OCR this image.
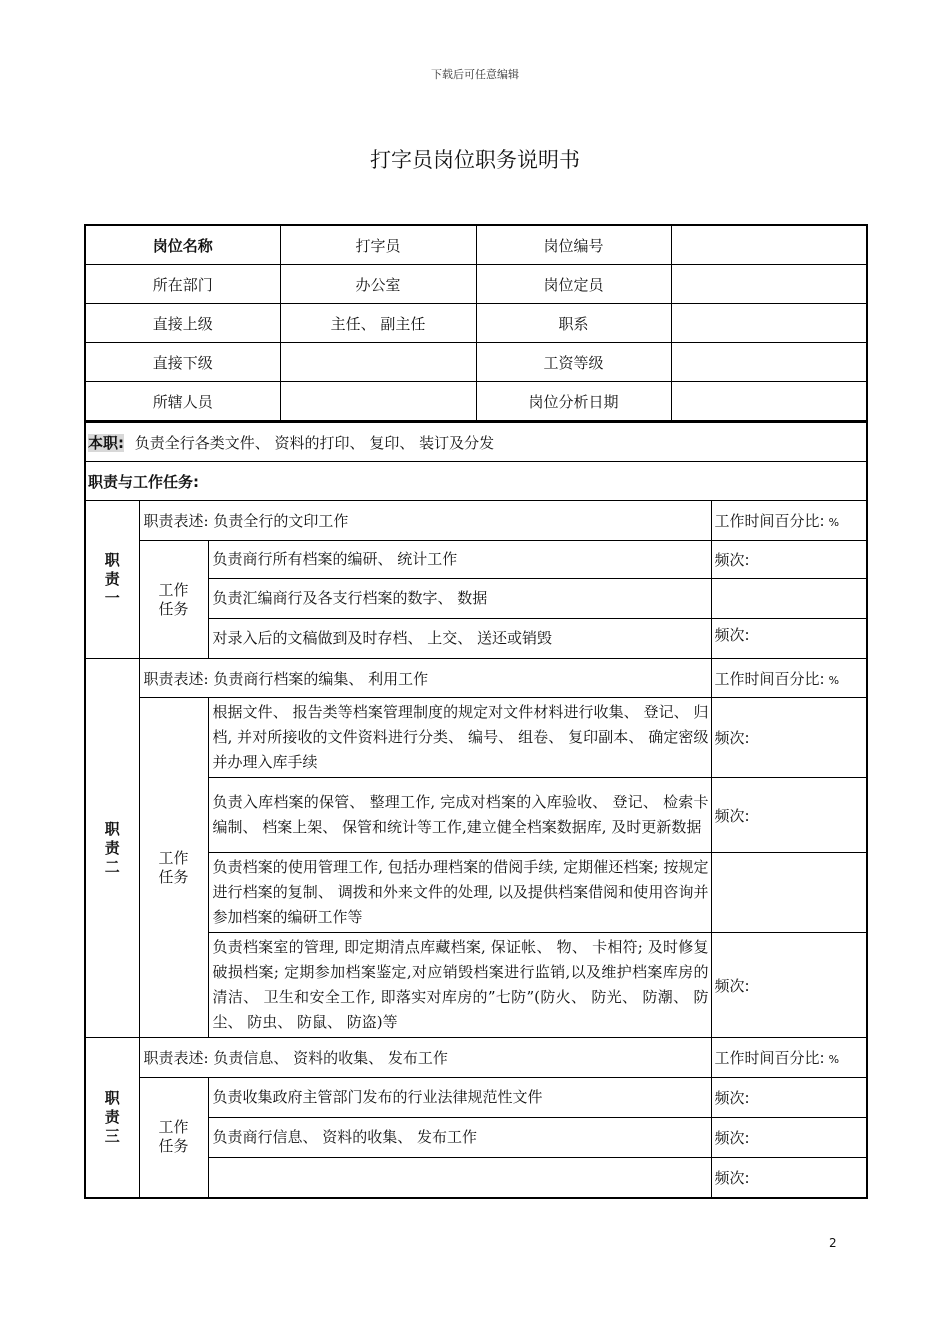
下载后可任意编辑
打字员岗位职务说明书
岗位名称	打字员	岗位编号	
所在部门	办公室	岗位定员	
直接上级	主任、 副主任	职系	
直接下级		工资等级	
所辖人员		岗位分析日期	
本职: 负责全行各类文件、 资料的打印、 复印、 装订及分发			
职责与工作任务:			

职
责
一	职责表述: 负责全行的文印工作		工作时间百分比: %

	工作
任务	负责商行所有档案的编研、 统计工作	频次:
		负责汇编商行及各支行档案的数字、 数据	
		对录入后的文稿做到及时存档、 上交、 送还或销毁	频次:

职
责
二	职责表述: 负责商行档案的编集、 利用工作		工作时间百分比: %

	工作
任务	根据文件、 报告类等档案管理制度的规定对文件材料进行收集、 登记、 归档, 并对所接收的文件资料进行分类、 编号、 组卷、 复印副本、 确定密级并办理入库手续	频次:
		负责入库档案的保管、 整理工作, 完成对档案的入库验收、 登记、 检索卡编制、 档案上架、 保管和统计等工作,建立健全档案数据库, 及时更新数据	频次:
		负责档案的使用管理工作, 包括办理档案的借阅手续, 定期催还档案; 按规定进行档案的复制、 调拨和外来文件的处理, 以及提供档案借阅和使用咨询并参加档案的编研工作等	
		负责档案室的管理, 即定期清点库藏档案, 保证帐、 物、 卡相符; 及时修复破损档案; 定期参加档案鉴定,对应销毁档案进行监销,以及维护档案库房的清洁、 卫生和安全工作, 即落实对库房的”七防”(防火、 防光、 防潮、 防尘、 防虫、 防鼠、 防盗)等	频次:

职
责
三	职责表述: 负责信息、 资料的收集、 发布工作		工作时间百分比: %

	工作
任务	负责收集政府主管部门发布的行业法律规范性文件	频次:
		负责商行信息、 资料的收集、 发布工作	频次:
			频次:
2
